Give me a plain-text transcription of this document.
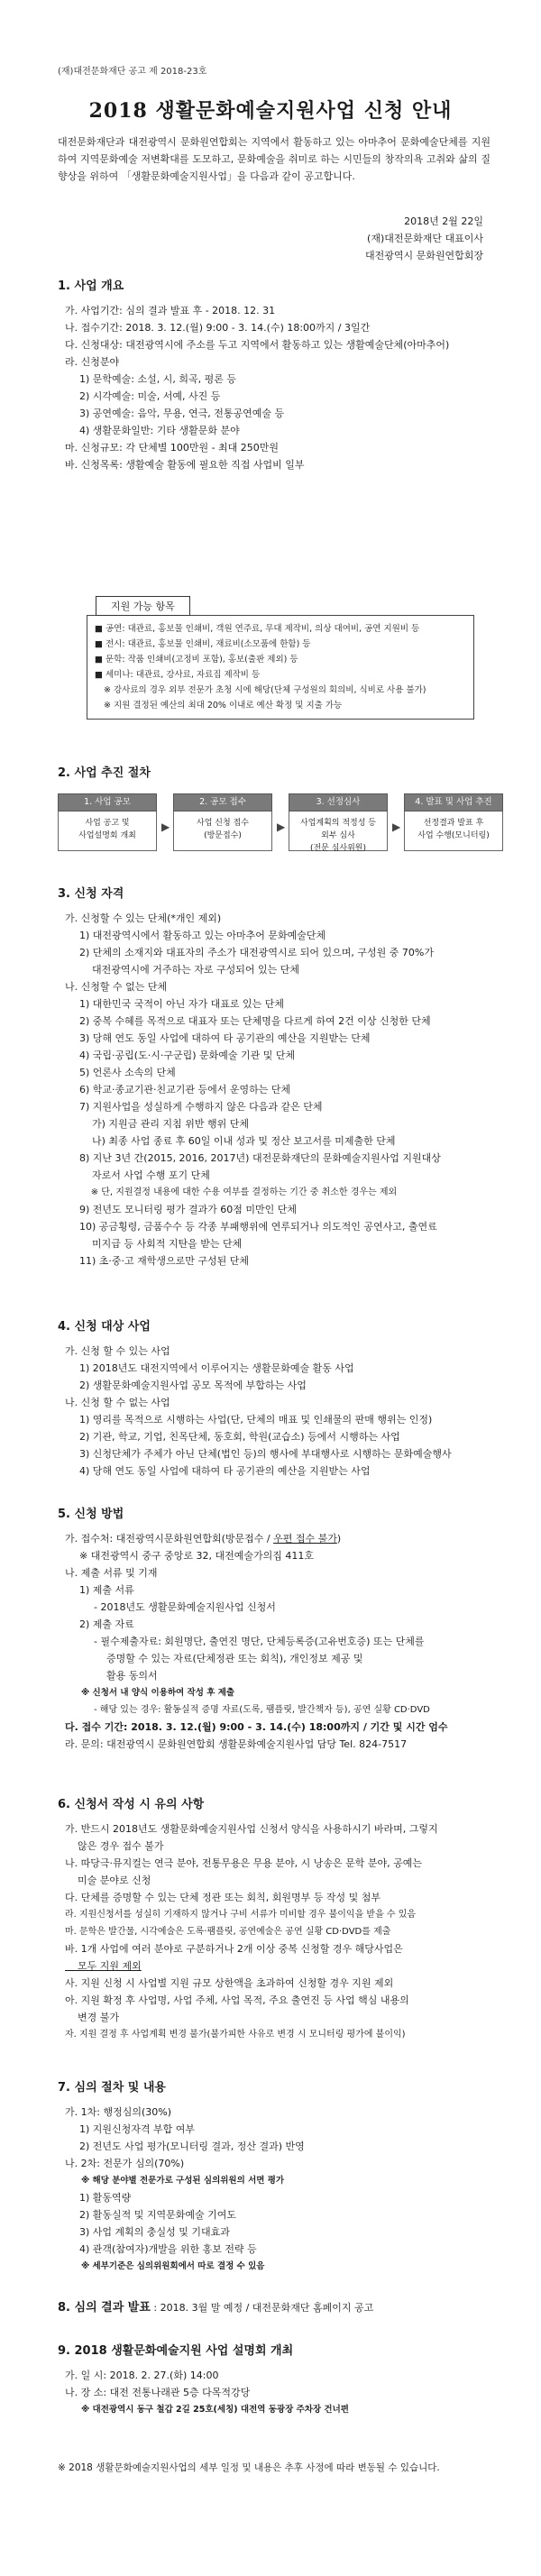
(재)대전문화재단 공고 제 2018-23호
2018 생활문화예술지원사업 신청 안내
대전문화재단과 대전광역시 문화원연합회는 지역에서 활동하고 있는 아마추어 문화예술단체를 지원하여 지역문화예술 저변확대를 도모하고, 문화예술을 취미로 하는 시민들의 창작의욕 고취와 삶의 질 향상을 위하여 「생활문화예술지원사업」을 다음과 같이 공고합니다.
2018년 2월 22일
(재)대전문화재단 대표이사
대전광역시 문화원연합회장
1. 사업 개요
가. 사업기간: 심의 결과 발표 후 - 2018. 12. 31
나. 접수기간: 2018. 3. 12.(월) 9:00 - 3. 14.(수) 18:00까지 / 3일간
다. 신청대상: 대전광역시에 주소를 두고 지역에서 활동하고 있는 생활예술단체(아마추어)
라. 신청분야
1) 문학예술: 소설, 시, 희곡, 평론 등
2) 시각예술: 미술, 서예, 사진 등
3) 공연예술: 음악, 무용, 연극, 전통공연예술 등
4) 생활문화일반: 기타 생활문화 분야
마. 신청규모: 각 단체별 100만원 - 최대 250만원
바. 신청목록: 생활예술 활동에 필요한 직접 사업비 일부
지원 가능 항목
■ 공연: 대관료, 홍보물 인쇄비, 객원 연주료, 무대 제작비, 의상 대여비, 공연 지원비 등
■ 전시: 대관료, 홍보물 인쇄비, 재료비(소모품에 한함) 등
■ 문학: 작품 인쇄비(고정비 포함), 홍보(출판 제외) 등
■ 세미나: 대관료, 강사료, 자료집 제작비 등
※ 강사료의 경우 외부 전문가 초청 시에 해당(단체 구성원의 회의비, 식비로 사용 불가)
※ 지원 결정된 예산의 최대 20% 이내로 예산 확정 및 지출 가능
2. 사업 추진 절차
1. 사업 공모
사업 공고 및
사업설명회 개최
▶
2. 공모 접수
사업 신청 접수
(방문접수)
▶
3. 선정심사
사업계획의 적정성 등
외부 심사
(전문 심사위원)
▶
4. 발표 및 사업 추진
선정결과 발표 후
사업 수행(모니터링)
3. 신청 자격
가. 신청할 수 있는 단체(*개인 제외)
1) 대전광역시에서 활동하고 있는 아마추어 문화예술단체
2) 단체의 소재지와 대표자의 주소가 대전광역시로 되어 있으며, 구성원 중 70%가
대전광역시에 거주하는 자로 구성되어 있는 단체
나. 신청할 수 없는 단체
1) 대한민국 국적이 아닌 자가 대표로 있는 단체
2) 중복 수혜를 목적으로 대표자 또는 단체명을 다르게 하여 2건 이상 신청한 단체
3) 당해 연도 동일 사업에 대하여 타 공기관의 예산을 지원받는 단체
4) 국립·공립(도·시·구군립) 문화예술 기관 및 단체
5) 언론사 소속의 단체
6) 학교·종교기관·친교기관 등에서 운영하는 단체
7) 지원사업을 성실하게 수행하지 않은 다음과 같은 단체
가) 지원금 관리 지침 위반 행위 단체
나) 최종 사업 종료 후 60일 이내 성과 및 정산 보고서를 미제출한 단체
8) 지난 3년 간(2015, 2016, 2017년) 대전문화재단의 문화예술지원사업 지원대상
자로서 사업 수행 포기 단체
※ 단, 지원결정 내용에 대한 수용 여부를 결정하는 기간 중 취소한 경우는 제외
9) 전년도 모니터링 평가 결과가 60점 미만인 단체
10) 공금횡령, 금품수수 등 각종 부패행위에 연루되거나 의도적인 공연사고, 출연료
미지급 등 사회적 지탄을 받는 단체
11) 초·중·고 재학생으로만 구성된 단체
4. 신청 대상 사업
가. 신청 할 수 있는 사업
1) 2018년도 대전지역에서 이루어지는 생활문화예술 활동 사업
2) 생활문화예술지원사업 공모 목적에 부합하는 사업
나. 신청 할 수 없는 사업
1) 영리를 목적으로 시행하는 사업(단, 단체의 매표 및 인쇄물의 판매 행위는 인정)
2) 기관, 학교, 기업, 친목단체, 동호회, 학원(교습소) 등에서 시행하는 사업
3) 신청단체가 주체가 아닌 단체(법인 등)의 행사에 부대행사로 시행하는 문화예술행사
4) 당해 연도 동일 사업에 대하여 타 공기관의 예산을 지원받는 사업
5. 신청 방법
가. 접수처: 대전광역시문화원연합회(방문접수 / 우편 접수 불가)
※ 대전광역시 중구 중앙로 32, 대전예술가의집 411호
나. 제출 서류 및 기재
1) 제출 서류
- 2018년도 생활문화예술지원사업 신청서
2) 제출 자료
- 필수제출자료: 회원명단, 출연진 명단, 단체등록증(고유번호증) 또는 단체를
증명할 수 있는 자료(단체정관 또는 회칙), 개인정보 제공 및
활용 동의서
※ 신청서 내 양식 이용하여 작성 후 제출
- 해당 있는 경우: 활동실적 증명 자료(도록, 팸플릿, 발간책자 등), 공연 실황 CD·DVD
다. 접수 기간: 2018. 3. 12.(월) 9:00 - 3. 14.(수) 18:00까지 / 기간 및 시간 엄수
라. 문의: 대전광역시 문화원연합회 생활문화예술지원사업 담당 Tel. 824-7517
6. 신청서 작성 시 유의 사항
가. 반드시 2018년도 생활문화예술지원사업 신청서 양식을 사용하시기 바라며, 그렇지
않은 경우 접수 불가
나. 따당극·뮤지컬는 연극 분야, 전통무용은 무용 분야, 시 낭송은 문학 분야, 공예는
미술 분야로 신청
다. 단체를 증명할 수 있는 단체 정관 또는 회칙, 회원명부 등 작성 및 첨부
라. 지원신청서를 성실히 기재하지 않거나 구비 서류가 미비할 경우 불이익을 받을 수 있음
마. 문학은 발간물, 시각예술은 도록·팸플릿, 공연예술은 공연 실황 CD·DVD를 제출
바. 1개 사업에 여러 분야로 구분하거나 2개 이상 중복 신청할 경우 해당사업은
모두 지원 제외
사. 지원 신청 시 사업별 지원 규모 상한액을 초과하여 신청할 경우 지원 제외
아. 지원 확정 후 사업명, 사업 주체, 사업 목적, 주요 출연진 등 사업 핵심 내용의
변경 불가
자. 지원 결정 후 사업계획 변경 불가(불가피한 사유로 변경 시 모니터링 평가에 불이익)
7. 심의 절차 및 내용
가. 1차: 행정심의(30%)
1) 지원신청자격 부합 여부
2) 전년도 사업 평가(모니터링 결과, 정산 결과) 반영
나. 2차: 전문가 심의(70%)
※ 해당 분야별 전문가로 구성된 심의위원의 서면 평가
1) 활동역량
2) 활동실적 및 지역문화예술 기여도
3) 사업 계획의 충실성 및 기대효과
4) 관객(참여자)개발을 위한 홍보 전략 등
※ 세부기준은 심의위원회에서 따로 결정 수 있음
8. 심의 결과 발표 : 2018. 3월 말 예정 / 대전문화재단 홈페이지 공고
9. 2018 생활문화예술지원 사업 설명회 개최
가. 일 시: 2018. 2. 27.(화) 14:00
나. 장 소: 대전 전통나래관 5층 다목적강당
※ 대전광역시 동구 철갑 2길 25호(세칭) 대전역 동광장 주차장 건너편
※ 2018 생활문화예술지원사업의 세부 일정 및 내용은 추후 사정에 따라 변동될 수 있습니다.
